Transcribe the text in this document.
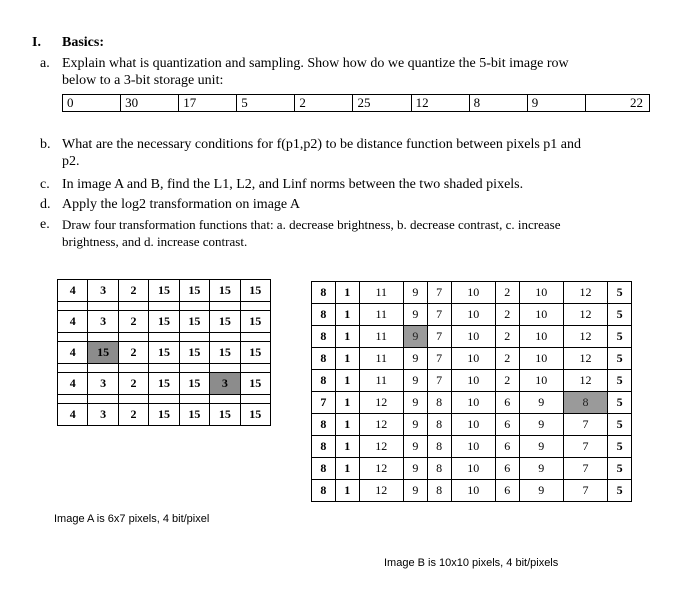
I. Basics:
a. Explain what is quantization and sampling. Show how do we quantize the 5-bit image row
below to a 3-bit storage unit:
0	30	17	5	2	25	12	8	9	22
b. What are the necessary conditions for f(p1,p2) to be distance function between pixels p1 and
p2.
c. In image A and B, find the L1, L2, and Linf norms between the two shaded pixels.
d. Apply the log2 transformation on image A
e. Draw four transformation functions that: a. decrease brightness, b. decrease contrast, c. increase
brightness, and d. increase contrast.
4	3	2	15	15	15	15

4	3	2	15	15	15	15

4	15	2	15	15	15	15

4	3	2	15	15	3	15

4	3	2	15	15	15	15
8	1	11	9	7	10	2	10	12	5
8	1	11	9	7	10	2	10	12	5
8	1	11	9	7	10	2	10	12	5
8	1	11	9	7	10	2	10	12	5
8	1	11	9	7	10	2	10	12	5
7	1	12	9	8	10	6	9	8	5
8	1	12	9	8	10	6	9	7	5
8	1	12	9	8	10	6	9	7	5
8	1	12	9	8	10	6	9	7	5
8	1	12	9	8	10	6	9	7	5
Image A is 6x7 pixels, 4 bit/pixel
Image B is 10x10 pixels, 4 bit/pixels
